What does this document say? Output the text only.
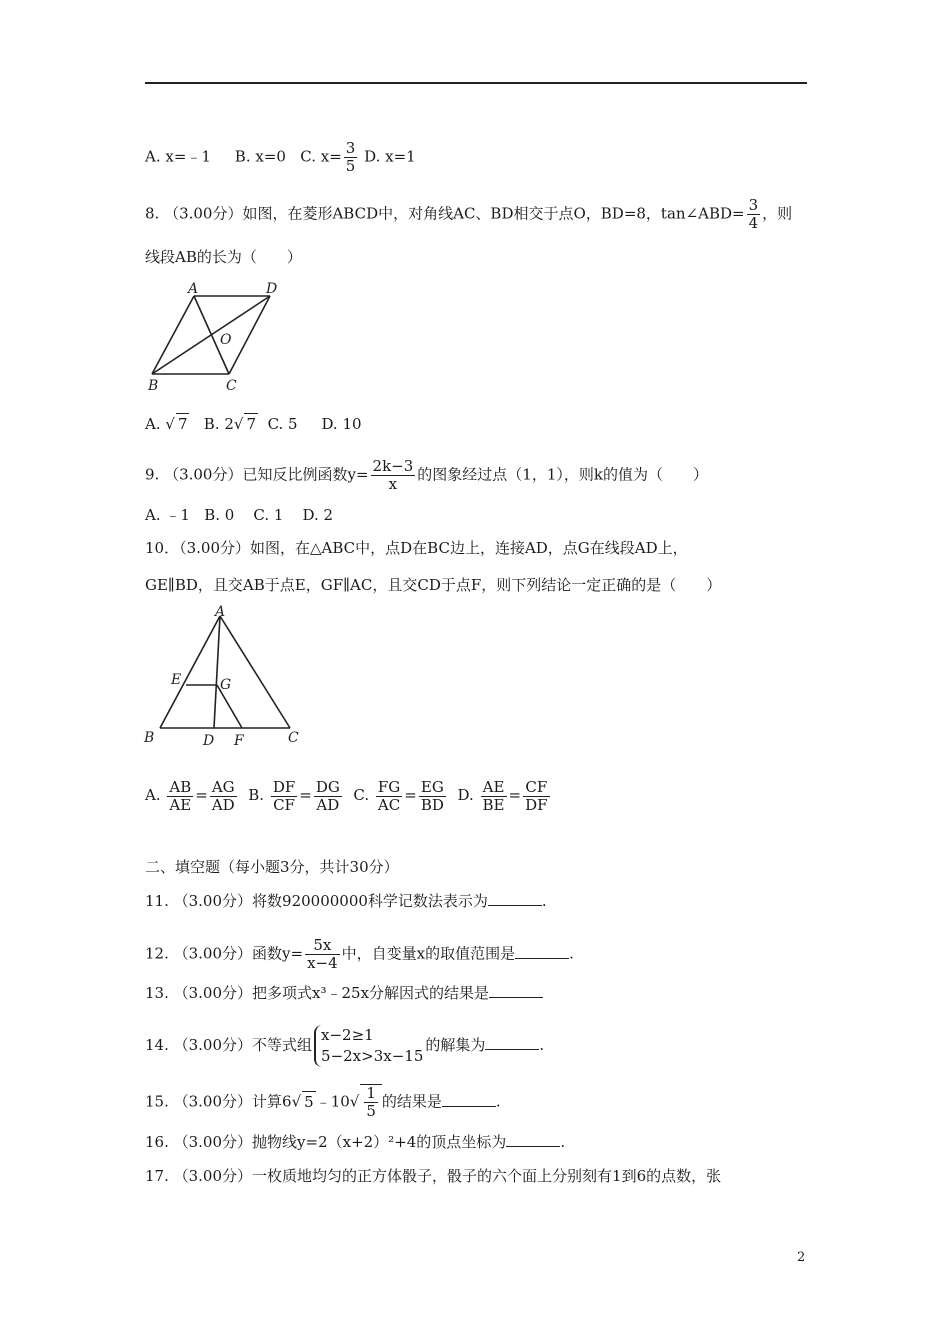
A. x=﹣1 B. x=0 C. $x= \frac{3}{5} D$. x=1
8. （3.00分）如图，在菱形ABCD中，对角线AC、BD相交于点O，BD=8，tan∠ABD= $\frac{3}{4}$ ，则
线段AB的长为（　　）
A	D
B	C
O
A. √ 7 B. 2√ 7 C. 5 D. 10
9. （3.00分）已知反比例函数$y= \frac{2k-3}{x}$ 的图象经过点（1，1），则k的值为（　　）
A. ﹣1   B. 0    C. 1    D. 2
10．（3.00分）如图，在△ABC中，点D在BC边上，连接AD，点G在线段AD上，
GE∥BD，且交AB于点E，GF∥AC，且交CD于点F，则下列结论一定正确的是（　　）
A
B	C
D
E
F
G
A. $\frac{AB}{AE} = \frac{AG}{AD} B$. $\frac{DF}{CF} = \frac{DG}{AD} C$. $\frac{FG}{AC} = \frac{EG}{BD} D$. $\frac{AE}{BE} = \frac{CF}{DF}$
二、填空题（每小题3分，共计30分）
11. （3.00分）将数920000000科学记数法表示为	.
12. （3.00分）函数$y= \frac{5x}{x-4}$ 中，自变量x的取值范围是	.
13. （3.00分）把多项式x³﹣25x分解因式的结果是
14. （3.00分）不等式组
x−2≥1
5−2x>3x−15
的解集为	.
15. （3.00分）计算6√ 5 ﹣10√ $\frac{1}{5}$ 的结果是	.
16. （3.00分）抛物线y=2（x+2）²+4的顶点坐标为	.
17. （3.00分）一枚质地均匀的正方体骰子，骰子的六个面上分别刻有1到6的点数，张
2
